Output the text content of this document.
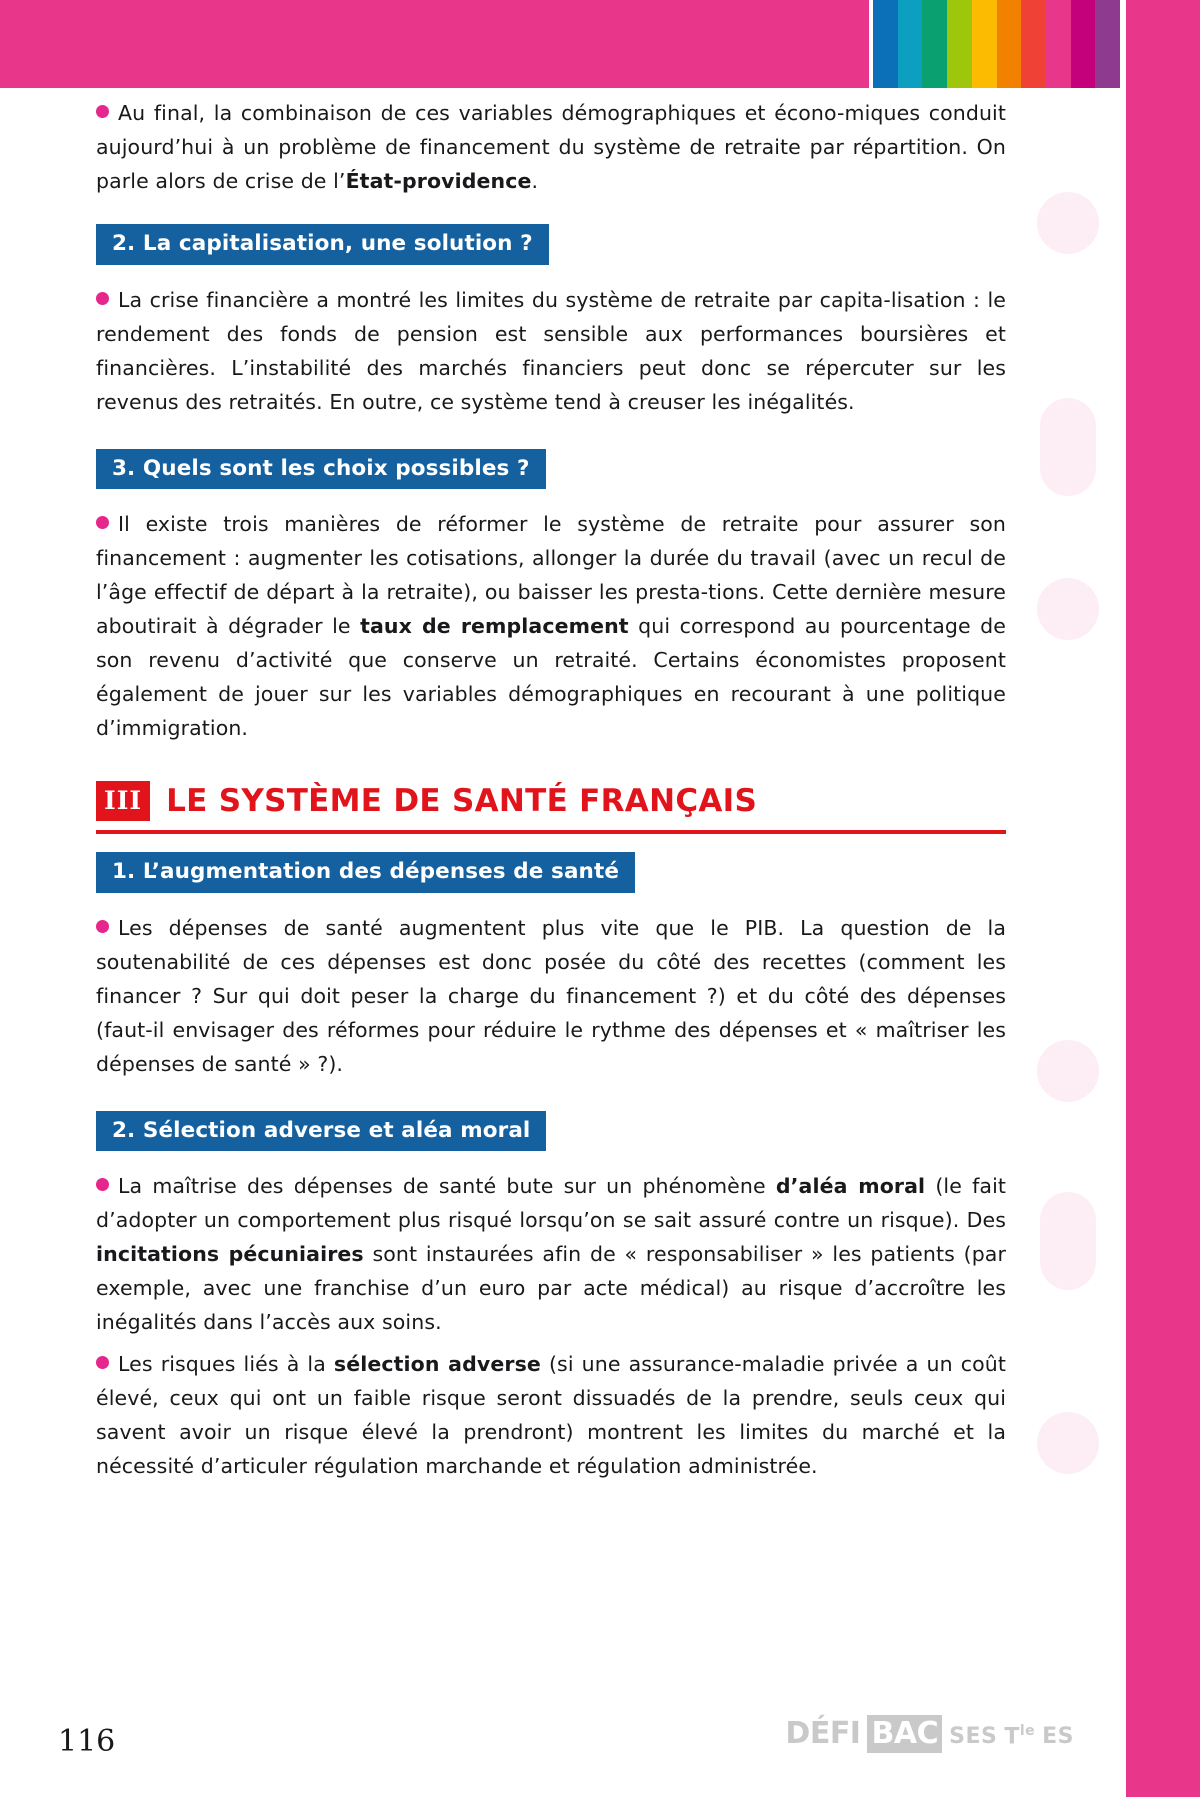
Au final, la combinaison de ces variables démographiques et écono-miques conduit aujourd’hui à un problème de financement du système de retraite par répartition. On parle alors de crise de l’État-providence.

2. La capitalisation, une solution ?

La crise financière a montré les limites du système de retraite par capita-lisation : le rendement des fonds de pension est sensible aux performances boursières et financières. L’instabilité des marchés financiers peut donc se répercuter sur les revenus des retraités. En outre, ce système tend à creuser les inégalités.

3. Quels sont les choix possibles ?

Il existe trois manières de réformer le système de retraite pour assurer son financement : augmenter les cotisations, allonger la durée du travail (avec un recul de l’âge effectif de départ à la retraite), ou baisser les presta-tions. Cette dernière mesure aboutirait à dégrader le taux de remplacement qui correspond au pourcentage de son revenu d’activité que conserve un retraité. Certains économistes proposent également de jouer sur les variables démographiques en recourant à une politique d’immigration.

III LE SYSTÈME DE SANTÉ FRANÇAIS
1. L’augmentation des dépenses de santé

Les dépenses de santé augmentent plus vite que le PIB. La question de la soutenabilité de ces dépenses est donc posée du côté des recettes (comment les financer ? Sur qui doit peser la charge du financement ?) et du côté des dépenses (faut-il envisager des réformes pour réduire le rythme des dépenses et « maîtriser les dépenses de santé » ?).

2. Sélection adverse et aléa moral

La maîtrise des dépenses de santé bute sur un phénomène d’aléa moral (le fait d’adopter un comportement plus risqué lorsqu’on se sait assuré contre un risque). Des incitations pécuniaires sont instaurées afin de « responsabiliser » les patients (par exemple, avec une franchise d’un euro par acte médical) au risque d’accroître les inégalités dans l’accès aux soins.

Les risques liés à la sélection adverse (si une assurance-maladie privée a un coût élevé, ceux qui ont un faible risque seront dissuadés de la prendre, seuls ceux qui savent avoir un risque élevé la prendront) montrent les limites du marché et la nécessité d’articuler régulation marchande et régulation administrée.

116	DÉFI BAC SES $T^{le}$ ES
